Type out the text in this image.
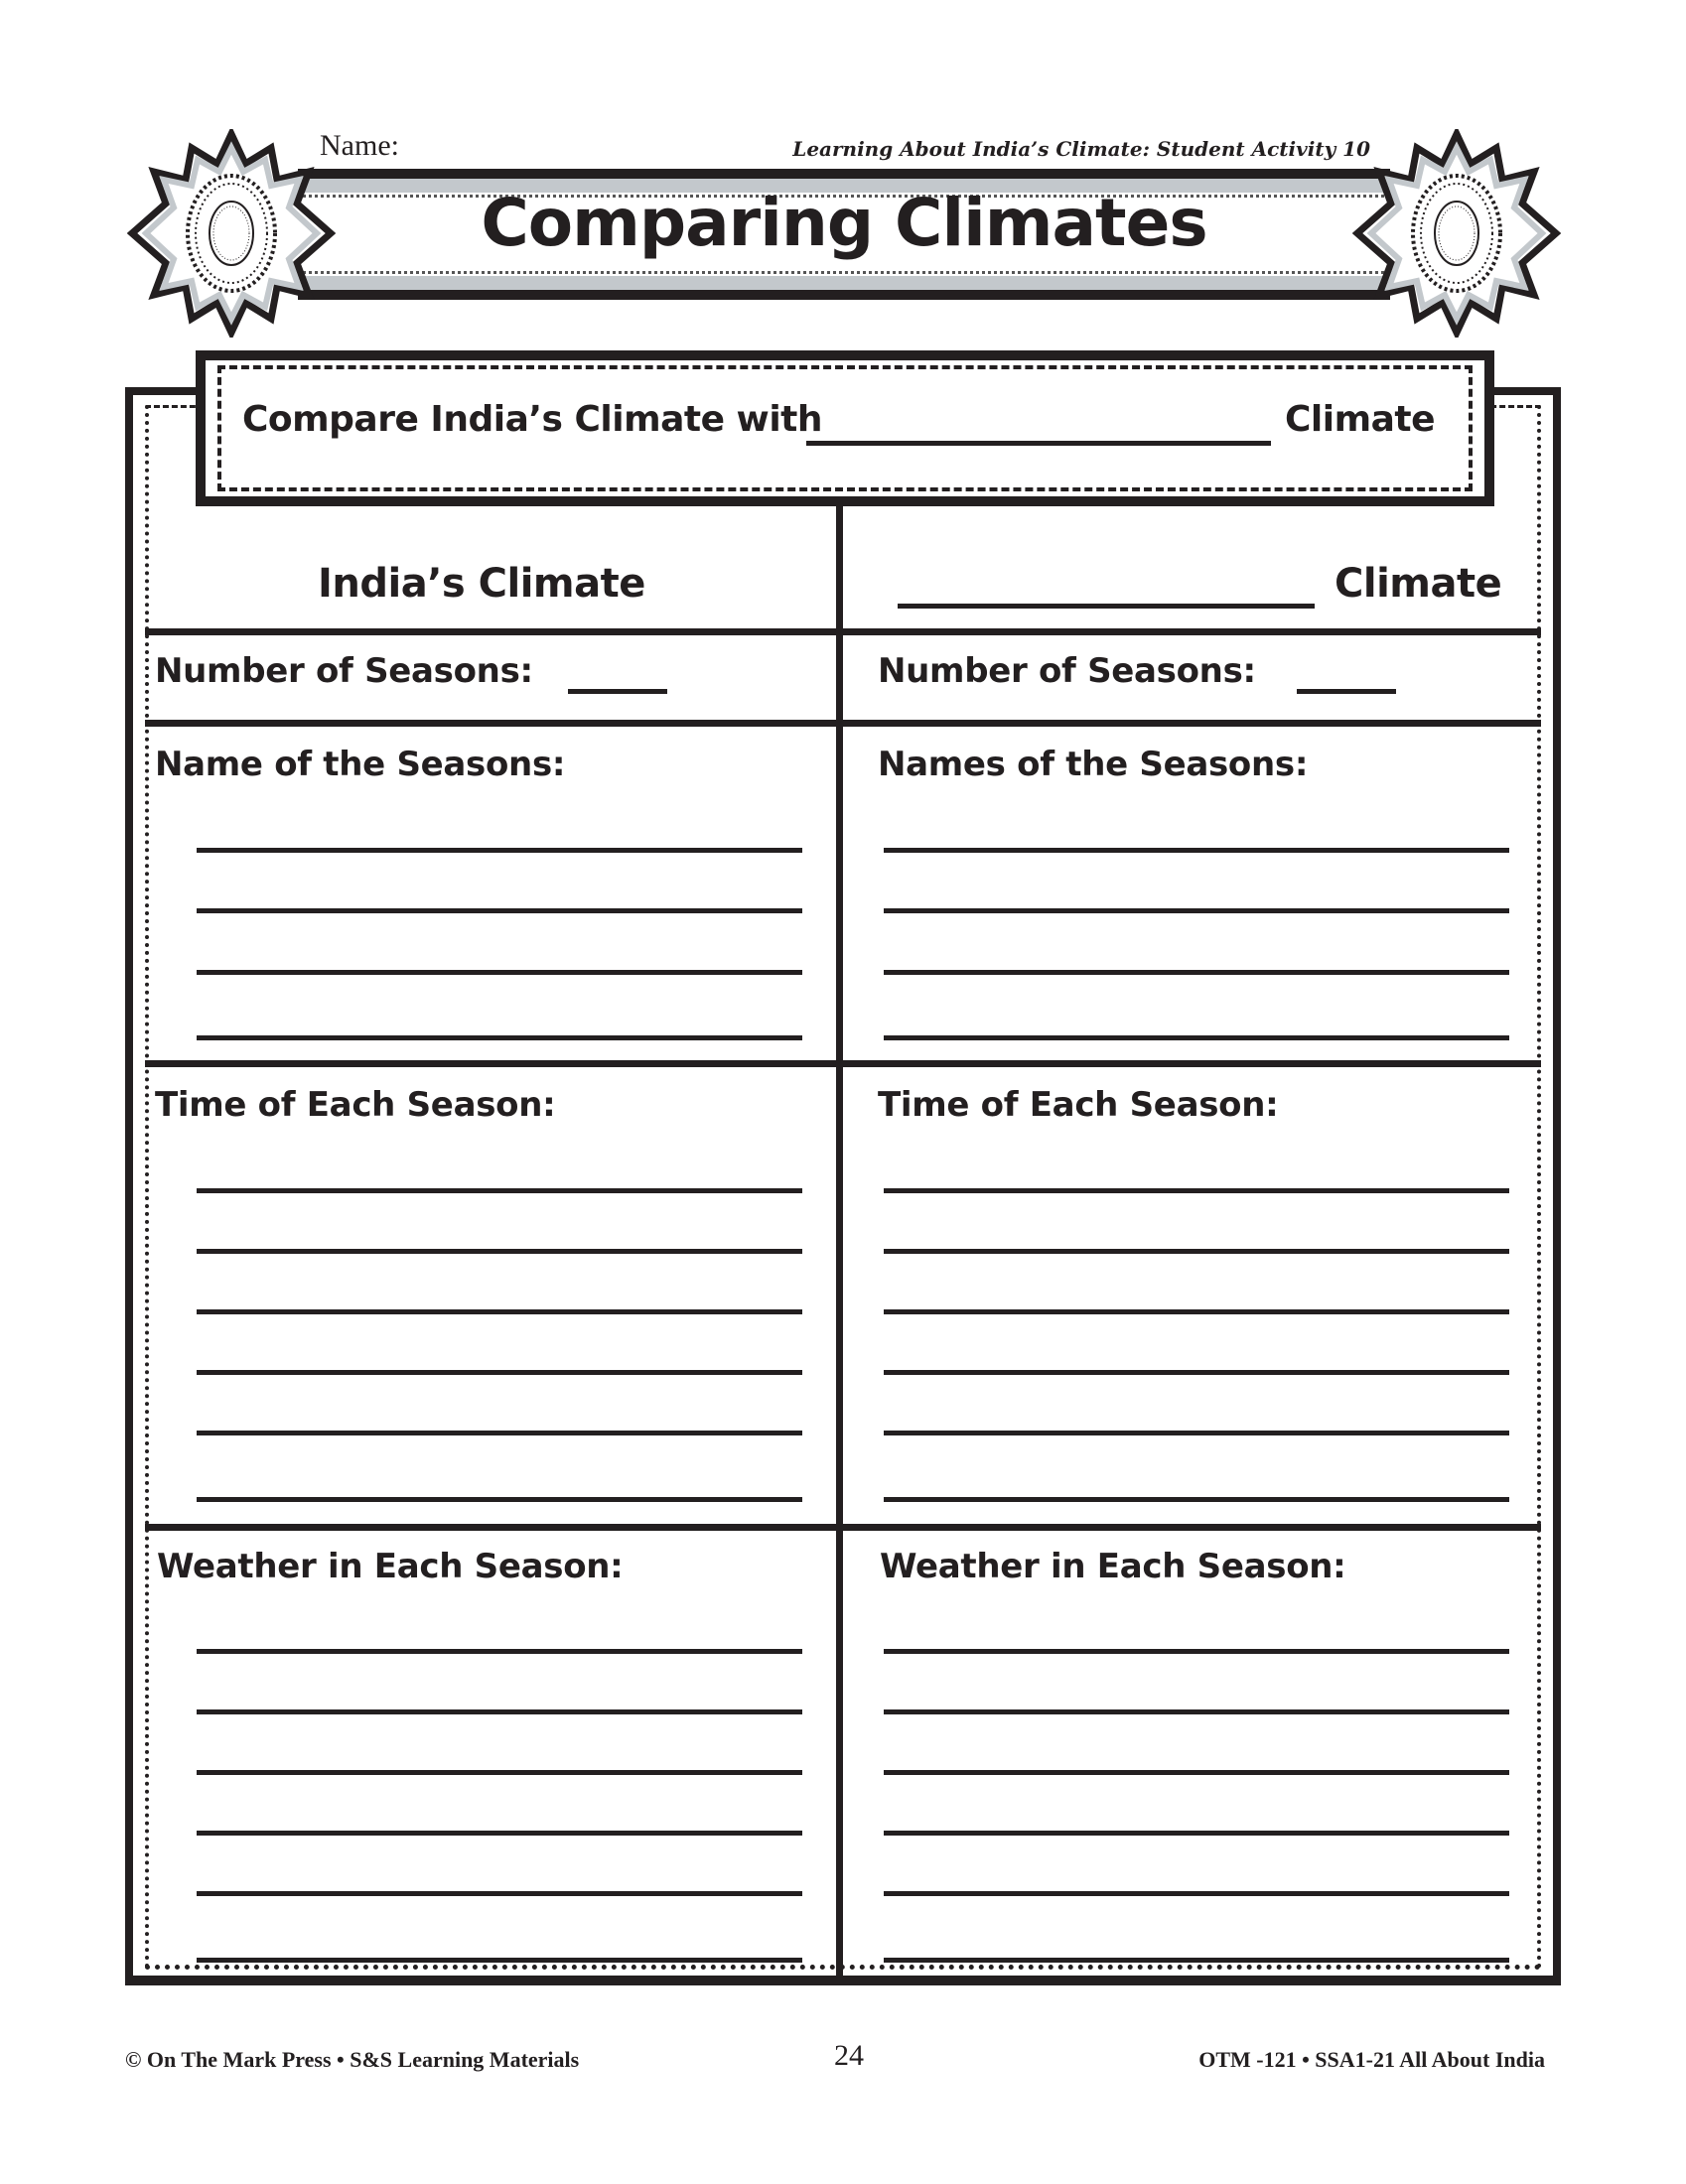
Name:	Learning About India’s Climate: Student Activity 10
Comparing Climates
Compare India’s Climate with	Climate
India’s Climate	Climate
Number of Seasons:	Number of Seasons:
Name of the Seasons:	Names of the Seasons:
Time of Each Season:	Time of Each Season:
Weather in Each Season:	Weather in Each Season:
© On The Mark Press • S&S Learning Materials	24	OTM -121 • SSA1-21 All About India
